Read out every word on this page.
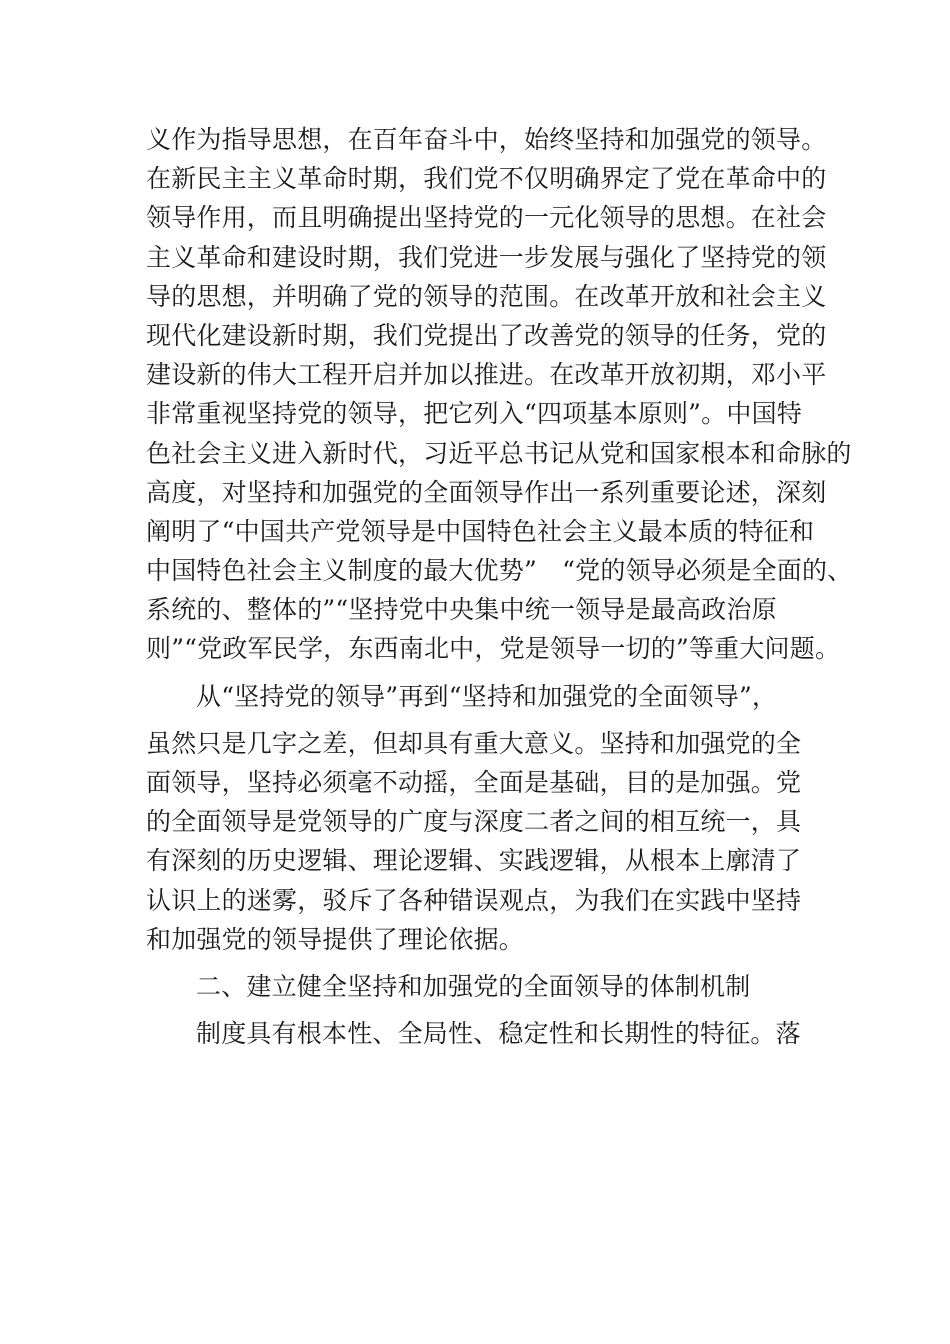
义作为指导思想，在百年奋斗中，始终坚持和加强党的领导。
在新民主主义革命时期，我们党不仅明确界定了党在革命中的
领导作用，而且明确提出坚持党的一元化领导的思想。在社会
主义革命和建设时期，我们党进一步发展与强化了坚持党的领
导的思想，并明确了党的领导的范围。在改革开放和社会主义
现代化建设新时期，我们党提出了改善党的领导的任务，党的
建设新的伟大工程开启并加以推进。在改革开放初期，邓小平
非常重视坚持党的领导，把它列入“四项基本原则”。中国特
色社会主义进入新时代，习近平总书记从党和国家根本和命脉的
高度，对坚持和加强党的全面领导作出一系列重要论述，深刻
阐明了“中国共产党领导是中国特色社会主义最本质的特征和
中国特色社会主义制度的最大优势”　“党的领导必须是全面的、
系统的、整体的”“坚持党中央集中统一领导是最高政治原
则”“党政军民学，东西南北中，党是领导一切的”等重大问题。
从“坚持党的领导”再到“坚持和加强党的全面领导”，
虽然只是几字之差，但却具有重大意义。坚持和加强党的全
面领导，坚持必须毫不动摇，全面是基础，目的是加强。党
的全面领导是党领导的广度与深度二者之间的相互统一，具
有深刻的历史逻辑、理论逻辑、实践逻辑，从根本上廓清了
认识上的迷雾，驳斥了各种错误观点，为我们在实践中坚持
和加强党的领导提供了理论依据。
二、建立健全坚持和加强党的全面领导的体制机制
制度具有根本性、全局性、稳定性和长期性的特征。落
